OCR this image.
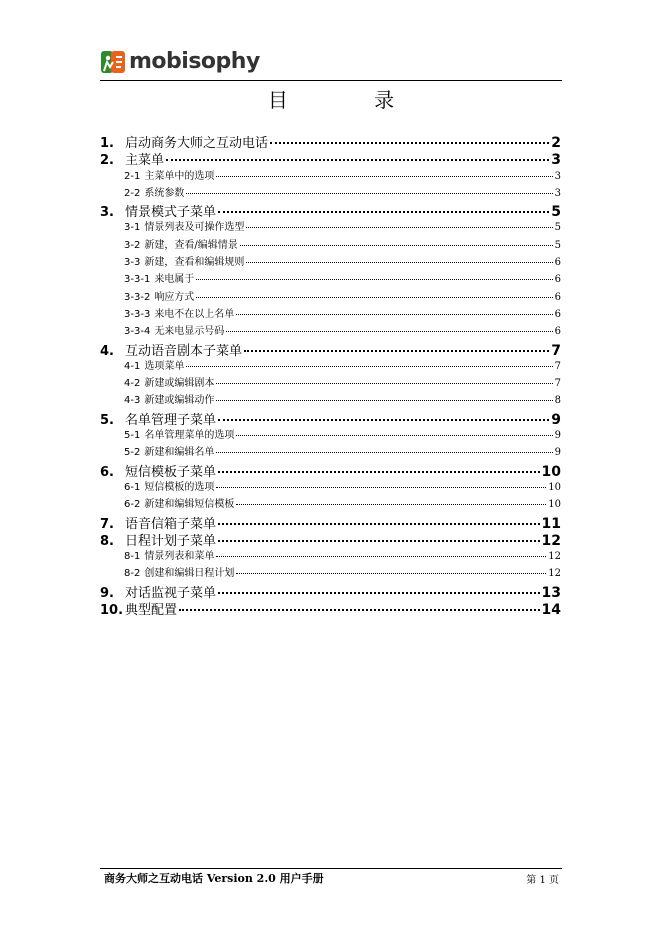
mobisophy
目 录
1. 启动商务大师之互动电话	2
2. 主菜单	3
2-1 主菜单中的选项	3
2-2 系统参数	3
3. 情景模式子菜单	5
3-1 情景列表及可操作选型	5
3-2 新建，查看/编辑情景	5
3-3 新建，查看和编辑规则	6
3-3-1 来电属于	6
3-3-2 响应方式	6
3-3-3 来电不在以上名单	6
3-3-4 无来电显示号码	6
4. 互动语音剧本子菜单	7
4-1 选项菜单	7
4-2 新建或编辑剧本	7
4-3 新建或编辑动作	8
5. 名单管理子菜单	9
5-1 名单管理菜单的选项	9
5-2 新建和编辑名单	9
6. 短信模板子菜单	10
6-1 短信模板的选项	10
6-2 新建和编辑短信模板	10
7. 语音信箱子菜单	11
8. 日程计划子菜单	12
8-1 情景列表和菜单	12
8-2 创建和编辑日程计划	12
9. 对话监视子菜单	13
10. 典型配置	14
商务大师之互动电话 Version 2.0 用户手册	第 1 页
